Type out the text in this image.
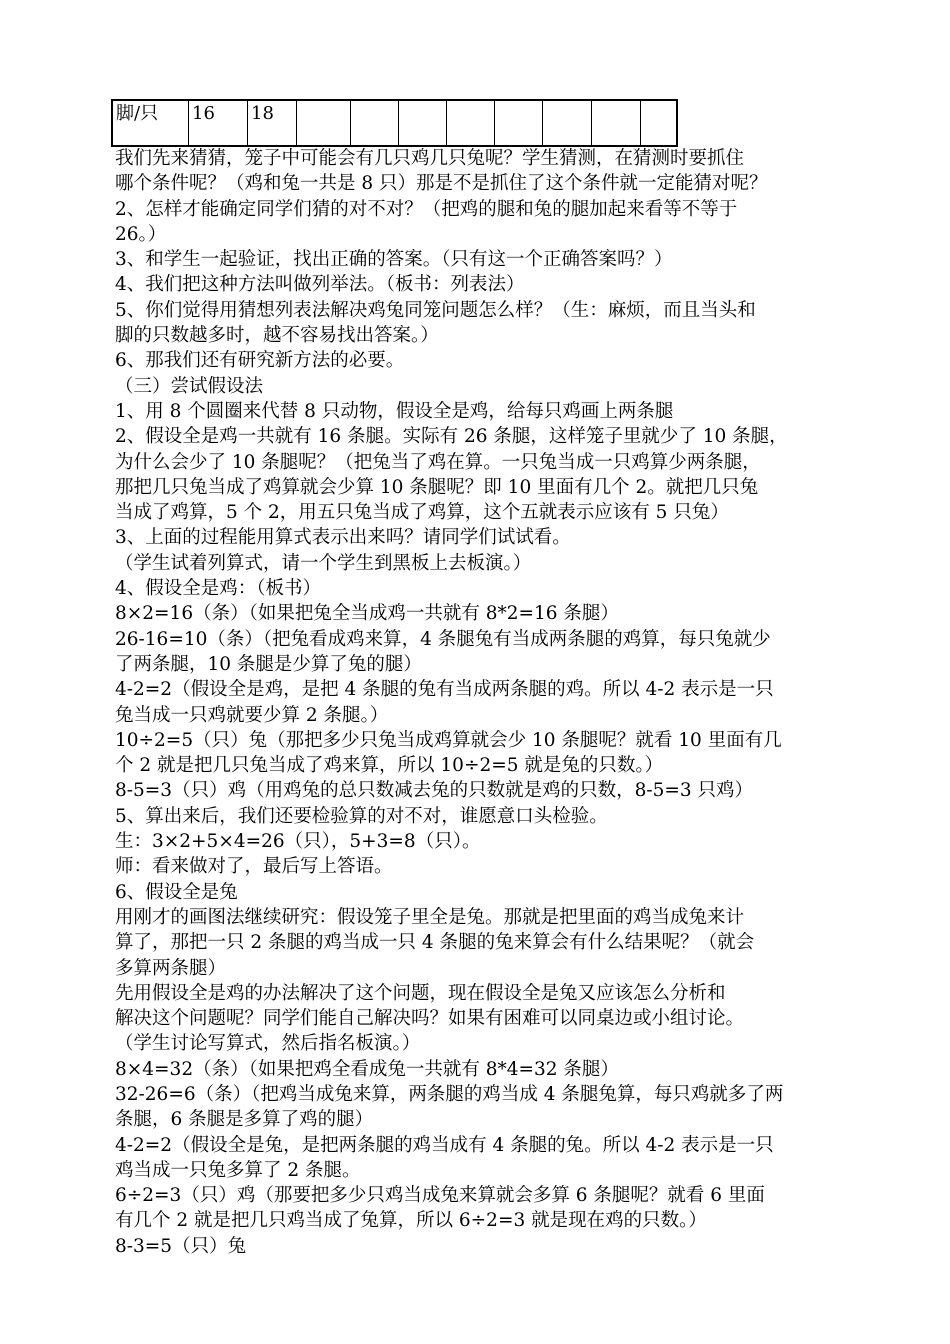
脚/只	16	18								

我们先来猜猜，笼子中可能会有几只鸡几只兔呢？学生猜测，在猜测时要抓住

哪个条件呢？（鸡和兔一共是 8 只）那是不是抓住了这个条件就一定能猜对呢？

2、怎样才能确定同学们猜的对不对？（把鸡的腿和兔的腿加起来看等不等于

26。）

3、和学生一起验证，找出正确的答案。（只有这一个正确答案吗？）

4、我们把这种方法叫做列举法。（板书：列表法）

5、你们觉得用猜想列表法解决鸡兔同笼问题怎么样？（生：麻烦，而且当头和

脚的只数越多时，越不容易找出答案。）

6、那我们还有研究新方法的必要。

（三）尝试假设法

1、用 8 个圆圈来代替 8 只动物，假设全是鸡，给每只鸡画上两条腿

2、假设全是鸡一共就有 16 条腿。实际有 26 条腿，这样笼子里就少了 10 条腿，

为什么会少了 10 条腿呢？（把兔当了鸡在算。一只兔当成一只鸡算少两条腿，

那把几只兔当成了鸡算就会少算 10 条腿呢？即 10 里面有几个 2。就把几只兔

当成了鸡算，5 个 2，用五只兔当成了鸡算，这个五就表示应该有 5 只兔）

3、上面的过程能用算式表示出来吗？请同学们试试看。

（学生试着列算式，请一个学生到黑板上去板演。）

4、假设全是鸡：（板书）

8×2=16（条）（如果把兔全当成鸡一共就有 8*2=16 条腿）

26-16=10（条）（把兔看成鸡来算，4 条腿兔有当成两条腿的鸡算，每只兔就少

了两条腿，10 条腿是少算了兔的腿）

4-2=2（假设全是鸡，是把 4 条腿的兔有当成两条腿的鸡。所以 4-2 表示是一只

兔当成一只鸡就要少算 2 条腿。）

10÷2=5（只）兔（那把多少只兔当成鸡算就会少 10 条腿呢？就看 10 里面有几

个 2 就是把几只兔当成了鸡来算，所以 10÷2=5 就是兔的只数。）

8-5=3（只）鸡（用鸡兔的总只数减去兔的只数就是鸡的只数，8-5=3 只鸡）

5、算出来后，我们还要检验算的对不对，谁愿意口头检验。

生：3×2+5×4=26（只），5+3=8（只）。

师：看来做对了，最后写上答语。

6、假设全是兔

用刚才的画图法继续研究：假设笼子里全是兔。那就是把里面的鸡当成兔来计

算了，那把一只 2 条腿的鸡当成一只 4 条腿的兔来算会有什么结果呢？（就会

多算两条腿）

先用假设全是鸡的办法解决了这个问题，现在假设全是兔又应该怎么分析和

解决这个问题呢？同学们能自己解决吗？如果有困难可以同桌边或小组讨论。

（学生讨论写算式，然后指名板演。）

8×4=32（条）（如果把鸡全看成兔一共就有 8*4=32 条腿）

32-26=6（条）（把鸡当成兔来算，两条腿的鸡当成 4 条腿兔算，每只鸡就多了两

条腿，6 条腿是多算了鸡的腿）

4-2=2（假设全是兔，是把两条腿的鸡当成有 4 条腿的兔。所以 4-2 表示是一只

鸡当成一只兔多算了 2 条腿。

6÷2=3（只）鸡（那要把多少只鸡当成兔来算就会多算 6 条腿呢？就看 6 里面

有几个 2 就是把几只鸡当成了兔算，所以 6÷2=3 就是现在鸡的只数。）

8-3=5（只）兔
